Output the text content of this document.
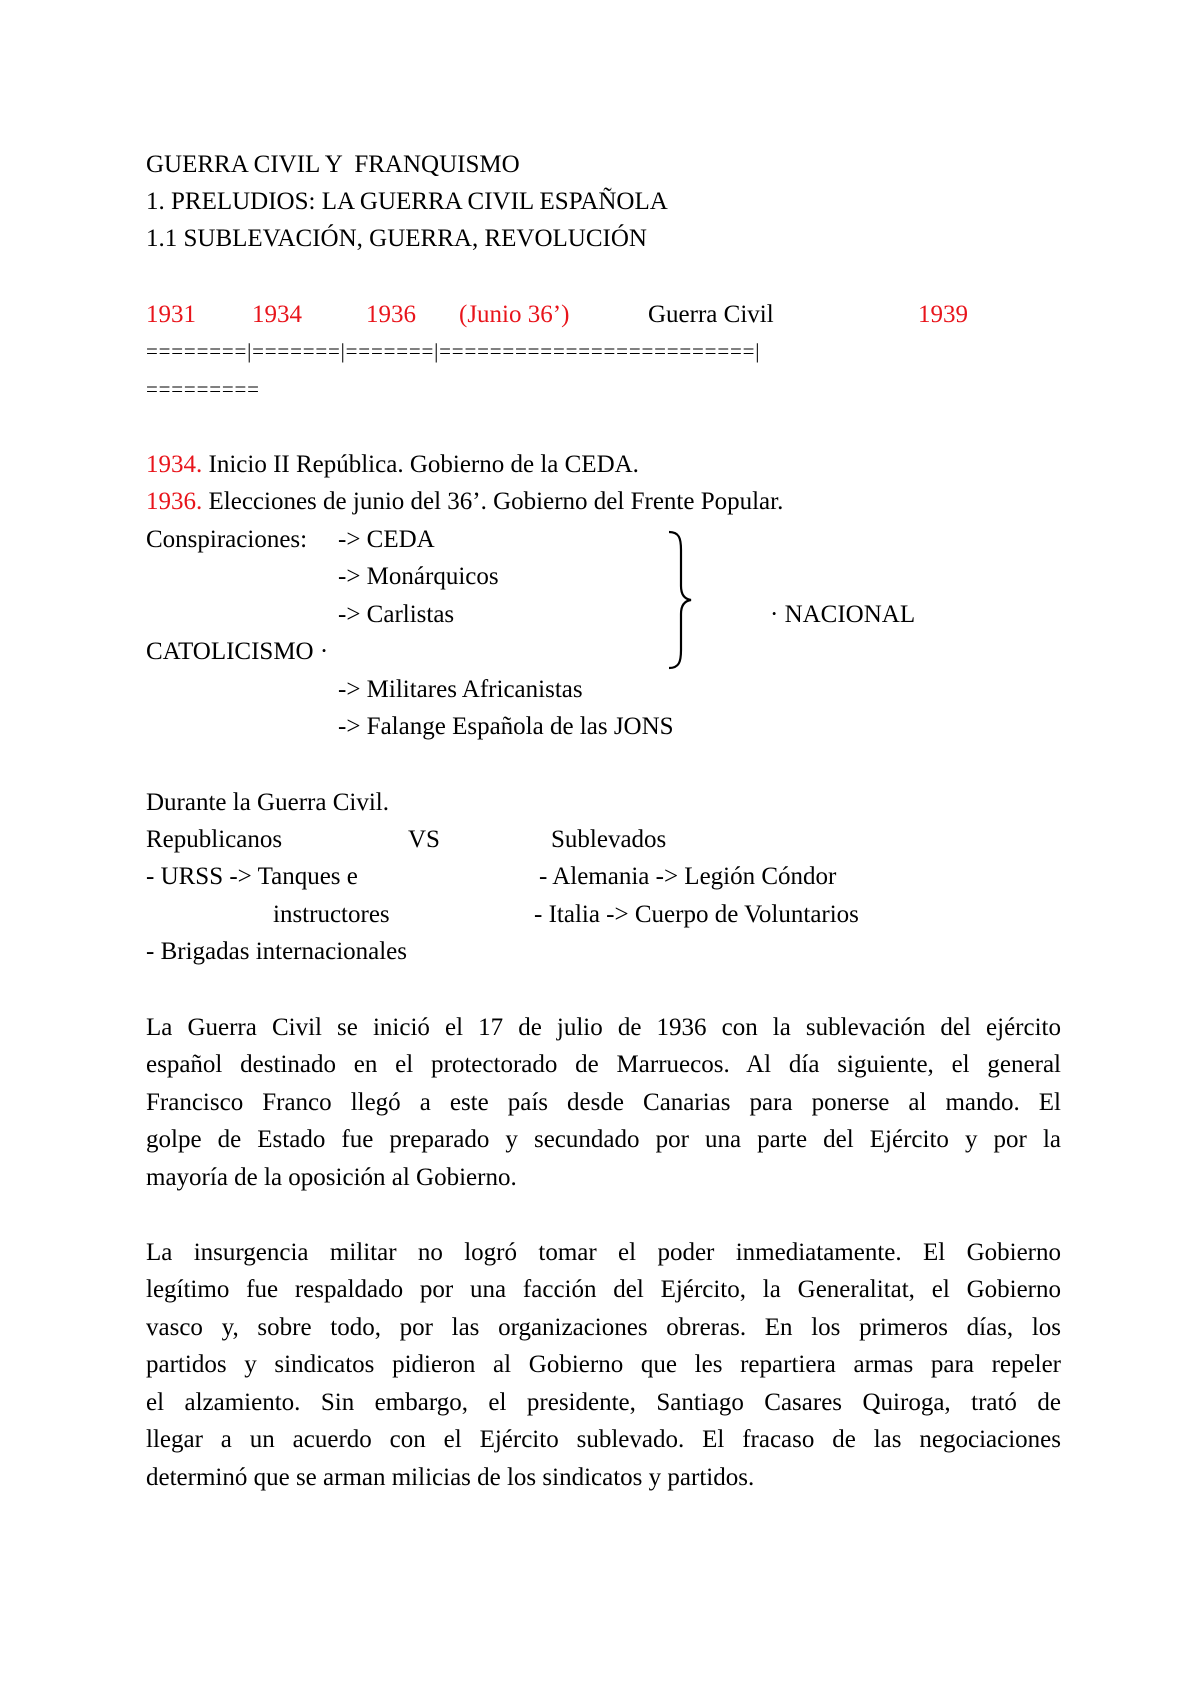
GUERRA CIVIL Y  FRANQUISMO
1. PRELUDIOS: LA GUERRA CIVIL ESPAÑOLA
1.1 SUBLEVACIÓN, GUERRA, REVOLUCIÓN
1931 1934	1936 (Junio 36’)	Guerra Civil	1939
========|=======|=======|=========================|
=========
1934. Inicio II República. Gobierno de la CEDA.
1936. Elecciones de junio del 36’. Gobierno del Frente Popular.
Conspiraciones: -> CEDA
-> Monárquicos
-> Carlistas	· NACIONAL
CATOLICISMO ·
-> Militares Africanistas
-> Falange Española de las JONS
Durante la Guerra Civil.
Republicanos	VS	Sublevados
- URSS -> Tanques e	- Alemania -> Legión Cóndor
instructores	- Italia -> Cuerpo de Voluntarios
- Brigadas internacionales
La Guerra Civil se inició el 17 de julio de 1936 con la sublevación del ejército
español destinado en el protectorado de Marruecos. Al día siguiente, el general
Francisco Franco llegó a este país desde Canarias para ponerse al mando. El
golpe de Estado fue preparado y secundado por una parte del Ejército y por la
mayoría de la oposición al Gobierno.
La insurgencia militar no logró tomar el poder inmediatamente. El Gobierno
legítimo fue respaldado por una facción del Ejército, la Generalitat, el Gobierno
vasco y, sobre todo, por las organizaciones obreras. En los primeros días, los
partidos y sindicatos pidieron al Gobierno que les repartiera armas para repeler
el alzamiento. Sin embargo, el presidente, Santiago Casares Quiroga, trató de
llegar a un acuerdo con el Ejército sublevado. El fracaso de las negociaciones
determinó que se arman milicias de los sindicatos y partidos.
